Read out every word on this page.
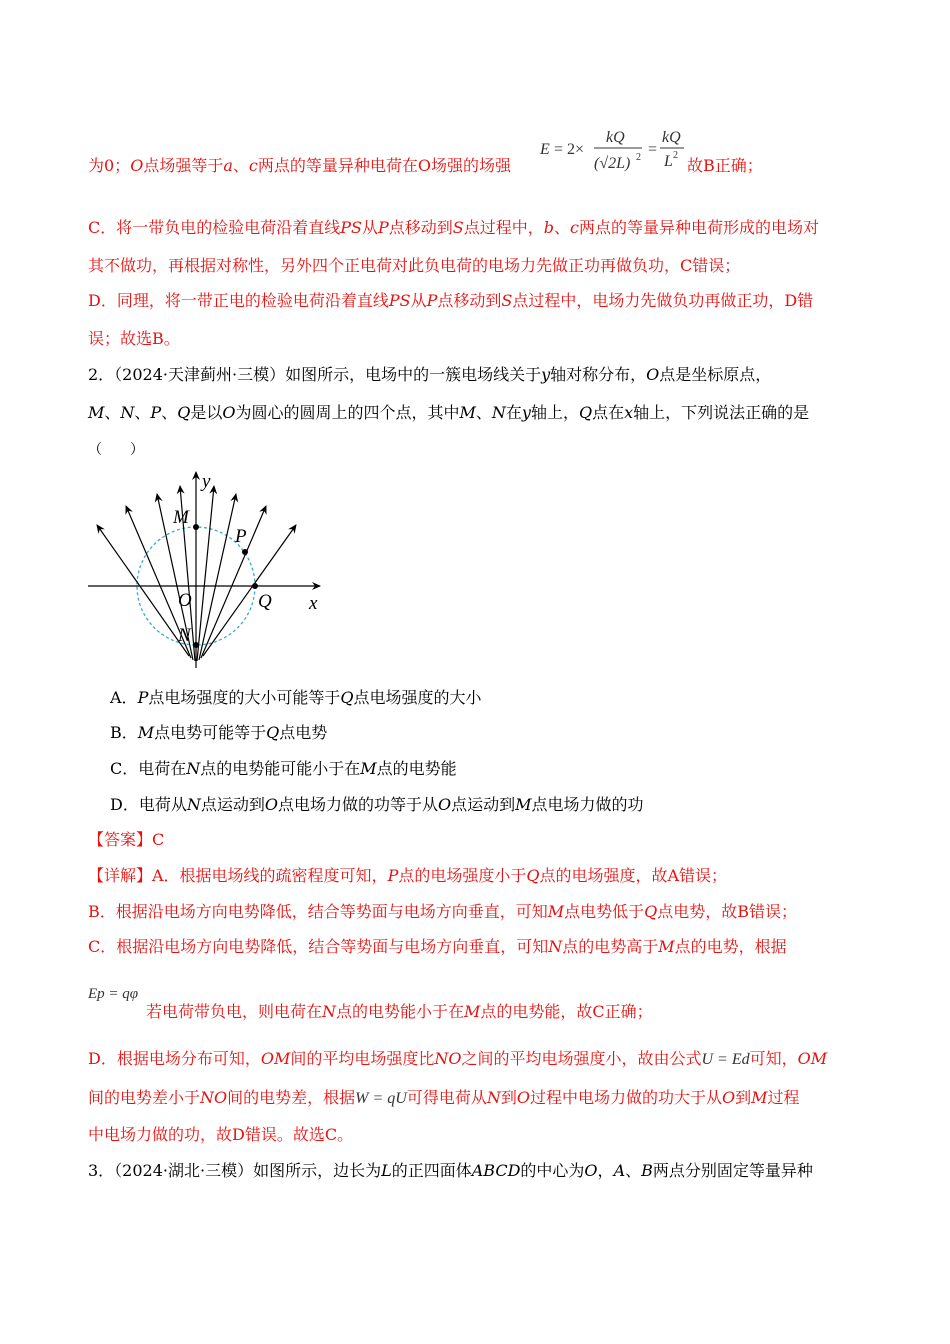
为0；O点场强等于a、c两点的等量异种电荷在O场强的场强
E = 2×
kQ
(√2L) 2 =
kQ
L 2
故B正确；
C．将一带负电的检验电荷沿着直线PS从P点移动到S点过程中，b、c两点的等量异种电荷形成的电场对
其不做功，再根据对称性，另外四个正电荷对此负电荷的电场力先做正功再做负功，C错误；
D．同理，将一带正电的检验电荷沿着直线PS从P点移动到S点过程中，电场力先做负功再做正功，D错
误；故选B。
2．（2024·天津蓟州·三模）如图所示，电场中的一簇电场线关于y轴对称分布，O点是坐标原点，
M、N、P、Q是以O为圆心的圆周上的四个点，其中M、N在y轴上，Q点在x轴上，下列说法正确的是
（　　）
y
x
M
P
O	Q
N
A．P点电场强度的大小可能等于Q点电场强度的大小
B．M点电势可能等于Q点电势
C．电荷在N点的电势能可能小于在M点的电势能
D．电荷从N点运动到O点电场力做的功等于从O点运动到M点电场力做的功
【答案】C
【详解】A．根据电场线的疏密程度可知，P点的电场强度小于Q点的电场强度，故A错误；
B．根据沿电场方向电势降低，结合等势面与电场方向垂直，可知M点电势低于Q点电势，故B错误；
C．根据沿电场方向电势降低，结合等势面与电场方向垂直，可知N点的电势高于M点的电势，根据
Ep = qφ
若电荷带负电，则电荷在N点的电势能小于在M点的电势能，故C正确；
D．根据电场分布可知，OM间的平均电场强度比NO之间的平均电场强度小，故由公式U = Ed可知，OM
间的电势差小于NO间的电势差，根据W = qU可得电荷从N到O过程中电场力做的功大于从O到M过程
中电场力做的功，故D错误。故选C。
3．（2024·湖北·三模）如图所示，边长为L的正四面体ABCD的中心为O，A、B两点分别固定等量异种
